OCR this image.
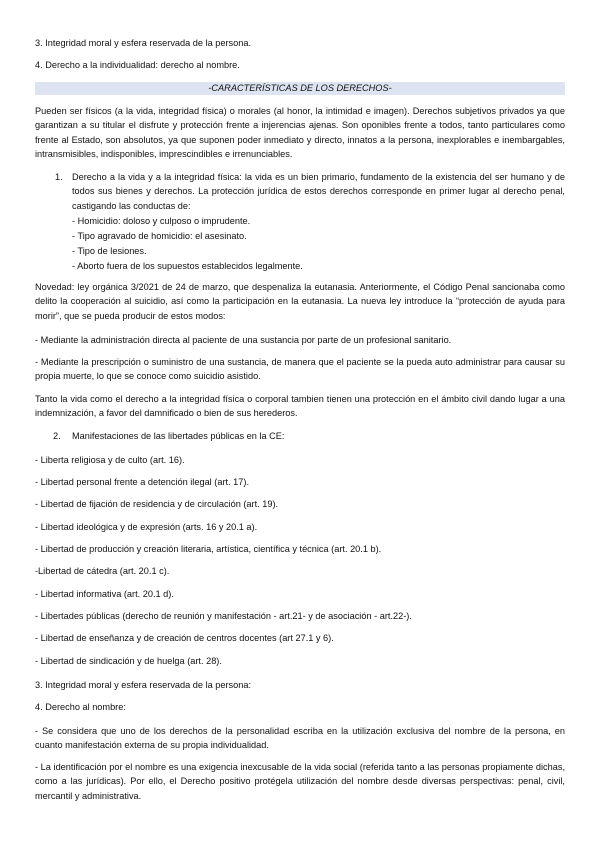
3. Integridad moral y esfera reservada de la persona.

4. Derecho a la individualidad: derecho al nombre.

-CARACTERÍSTICAS DE LOS DERECHOS-

Pueden ser físicos (a la vida, integridad física) o morales (al honor, la intimidad e imagen). Derechos subjetivos privados ya que garantizan a su titular el disfrute y protección frente a injerencias ajenas. Son oponibles frente a todos, tanto particulares como frente al Estado, son absolutos, ya que suponen poder inmediato y directo, innatos a la persona, inexplorables e inembargables, intransmisibles, indisponibles, imprescindibles e irrenunciables.

1. Derecho a la vida y a la integridad física: la vida es un bien primario, fundamento de la existencia del ser humano y de todos sus bienes y derechos. La protección jurídica de estos derechos corresponde en primer lugar al derecho penal, castigando las conductas de:

- Homicidio: doloso y culposo o imprudente.

- Tipo agravado de homicidio: el asesinato.

- Tipo de lesiones.

- Aborto fuera de los supuestos establecidos legalmente.

Novedad: ley orgánica 3/2021 de 24 de marzo, que despenaliza la eutanasia. Anteriormente, el Código Penal sancionaba como delito la cooperación al suicidio, así como la participación en la eutanasia. La nueva ley introduce la “protección de ayuda para morir”, que se pueda producir de estos modos:

- Mediante la administración directa al paciente de una sustancia por parte de un profesional sanitario.

- Mediante la prescripción o suministro de una sustancia, de manera que el paciente se la pueda auto administrar para causar su propia muerte, lo que se conoce como suicidio asistido.

Tanto la vida como el derecho a la integridad física o corporal tambien tienen una protección en el ámbito civil dando lugar a una indemnización, a favor del damnificado o bien de sus herederos.

2. Manifestaciones de las libertades públicas en la CE:

- Liberta religiosa y de culto (art. 16).

- Libertad personal frente a detención ilegal (art. 17).

- Libertad de fijación de residencia y de circulación (art. 19).

- Libertad ideológica y de expresión (arts. 16 y 20.1 a).

- Libertad de producción y creación literaria, artística, científica y técnica (art. 20.1 b).

-Libertad de cátedra (art. 20.1 c).

- Libertad informativa (art. 20.1 d).

- Libertades públicas (derecho de reunión y manifestación - art.21- y de asociación - art.22-).

- Libertad de enseñanza y de creación de centros docentes (art 27.1 y 6).

- Libertad de sindicación y de huelga (art. 28).

3. Integridad moral y esfera reservada de la persona:

4. Derecho al nombre:

- Se considera que uno de los derechos de la personalidad escriba en la utilización exclusiva del nombre de la persona, en cuanto manifestación externa de su propia individualidad.

- La identificación por el nombre es una exigencia inexcusable de la vida social (referida tanto a las personas propiamente dichas, como a las jurídicas). Por ello, el Derecho positivo protégela utilización del nombre desde diversas perspectivas: penal, civil, mercantil y administrativa.
